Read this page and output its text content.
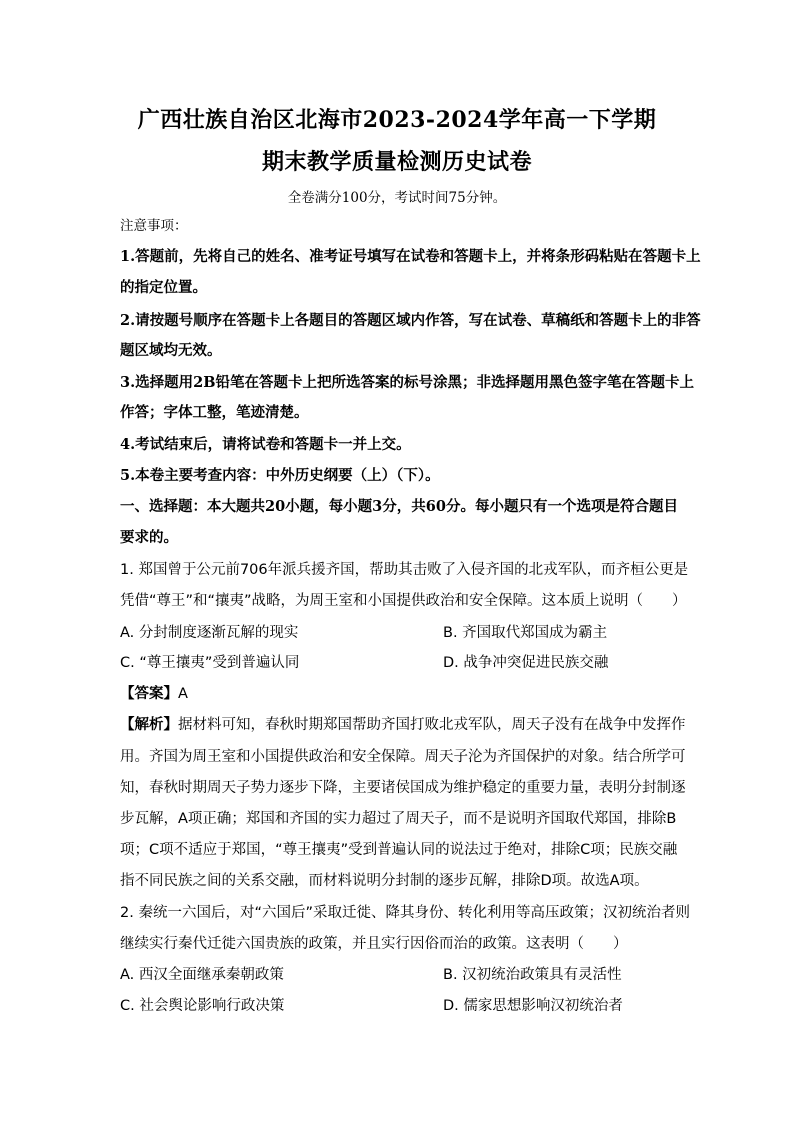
广西壮族自治区北海市2023-2024学年高一下学期
期末教学质量检测历史试卷
全卷满分100分，考试时间75分钟。
注意事项：
1.答题前，先将自己的姓名、准考证号填写在试卷和答题卡上，并将条形码粘贴在答题卡上
的指定位置。
2.请按题号顺序在答题卡上各题目的答题区域内作答，写在试卷、草稿纸和答题卡上的非答
题区域均无效。
3.选择题用2B铅笔在答题卡上把所选答案的标号涂黑；非选择题用黑色签字笔在答题卡上
作答；字体工整，笔迹清楚。
4.考试结束后，请将试卷和答题卡一并上交。
5.本卷主要考查内容：中外历史纲要（上）（下）。
一、选择题：本大题共20小题，每小题3分，共60分。每小题只有一个选项是符合题目
要求的。
1. 郑国曾于公元前706年派兵援齐国，帮助其击败了入侵齐国的北戎军队，而齐桓公更是
凭借“尊王”和“攘夷”战略，为周王室和小国提供政治和安全保障。这本质上说明（　　）
A. 分封制度逐渐瓦解的现实	B. 齐国取代郑国成为霸主
C. “尊王攘夷”受到普遍认同	D. 战争冲突促进民族交融
【答案】A
【解析】据材料可知，春秋时期郑国帮助齐国打败北戎军队，周天子没有在战争中发挥作
用。齐国为周王室和小国提供政治和安全保障。周天子沦为齐国保护的对象。结合所学可
知，春秋时期周天子势力逐步下降，主要诸侯国成为维护稳定的重要力量，表明分封制逐
步瓦解，A项正确；郑国和齐国的实力超过了周天子，而不是说明齐国取代郑国，排除B
项；C项不适应于郑国，“尊王攘夷”受到普遍认同的说法过于绝对，排除C项；民族交融
指不同民族之间的关系交融，而材料说明分封制的逐步瓦解，排除D项。故选A项。
2. 秦统一六国后，对“六国后”采取迁徙、降其身份、转化利用等高压政策；汉初统治者则
继续实行秦代迁徙六国贵族的政策，并且实行因俗而治的政策。这表明（　　）
A. 西汉全面继承秦朝政策	B. 汉初统治政策具有灵活性
C. 社会舆论影响行政决策	D. 儒家思想影响汉初统治者
